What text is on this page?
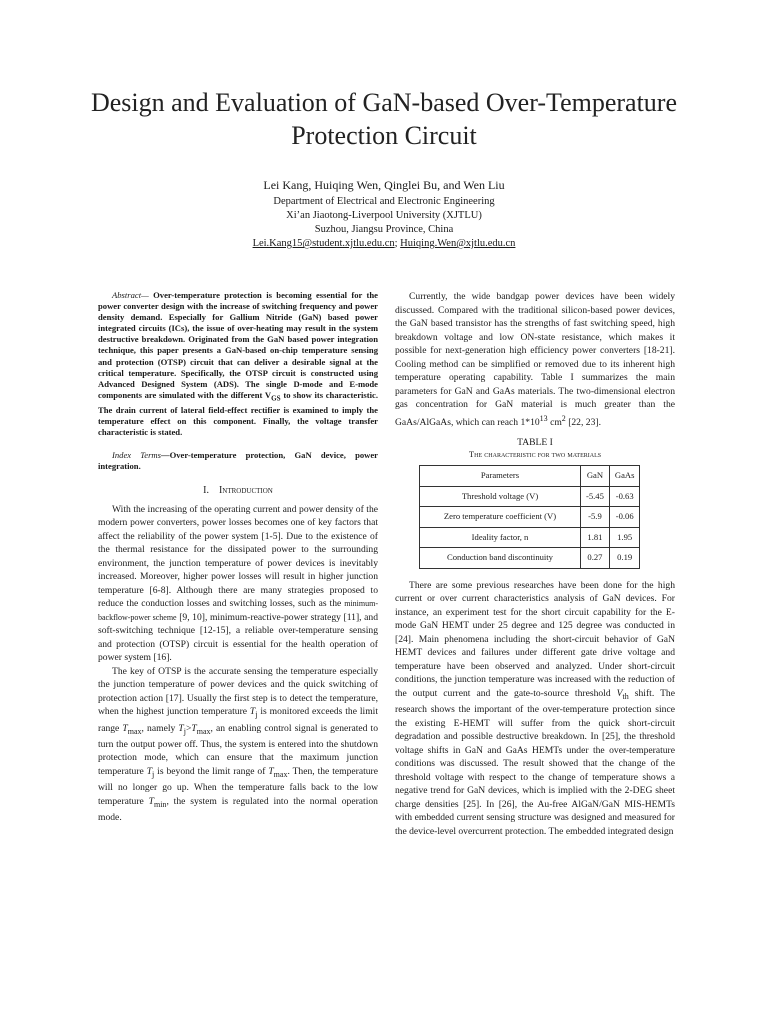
Design and Evaluation of GaN-based Over-Temperature Protection Circuit
Lei Kang, Huiqing Wen, Qinglei Bu, and Wen Liu
Department of Electrical and Electronic Engineering
Xi’an Jiaotong-Liverpool University (XJTLU)
Suzhou, Jiangsu Province, China
Lei.Kang15@student.xjtlu.edu.cn; Huiqing.Wen@xjtlu.edu.cn

Abstract— Over-temperature protection is becoming essential for the power converter design with the increase of switching frequency and power density demand. Especially for Gallium Nitride (GaN) based power integrated circuits (ICs), the issue of over-heating may result in the system destructive breakdown. Originated from the GaN based power integration technique, this paper presents a GaN-based on-chip temperature sensing and protection (OTSP) circuit that can deliver a desirable signal at the critical temperature. Specifically, the OTSP circuit is constructed using Advanced Designed System (ADS). The single D-mode and E-mode components are simulated with the different $V_{GS}$ to show its characteristic. The drain current of lateral field-effect rectifier is examined to imply the temperature effect on this component. Finally, the voltage transfer characteristic is stated.

Index Terms—Over-temperature protection, GaN device, power integration.

I. Introduction

With the increasing of the operating current and power density of the modern power converters, power losses becomes one of key factors that affect the reliability of the power system [1-5]. Due to the existence of the thermal resistance for the dissipated power to the surrounding environment, the junction temperature of power devices is inevitably increased. Moreover, higher power losses will result in higher junction temperature [6-8]. Although there are many strategies proposed to reduce the conduction losses and switching losses, such as the minimum-backflow-power scheme [9, 10], minimum-reactive-power strategy [11], and soft-switching technique [12-15], a reliable over-temperature sensing and protection (OTSP) circuit is essential for the health operation of power system [16].

The key of OTSP is the accurate sensing the temperature especially the junction temperature of power devices and the quick switching of protection action [17]. Usually the first step is to detect the temperature, when the highest junction temperature $T_j$ is monitored exceeds the limit range $T_{max}$, namely $T_j>T_{max}$, an enabling control signal is generated to turn the output power off. Thus, the system is entered into the shutdown protection mode, which can ensure that the maximum junction temperature $T_j$ is beyond the limit range of $T_{max}$. Then, the temperature will no longer go up. When the temperature falls back to the low temperature $T_{min}$, the system is regulated into the normal operation mode.

Currently, the wide bandgap power devices have been widely discussed. Compared with the traditional silicon-based power devices, the GaN based transistor has the strengths of fast switching speed, high breakdown voltage and low ON-state resistance, which makes it possible for next-generation high efficiency power converters [18-21]. Cooling method can be simplified or removed due to its inherent high temperature operating capability. Table I summarizes the main parameters for GaN and GaAs materials. The two-dimensional electron gas concentration for GaN material is much greater than the GaAs/AlGaAs, which can reach $1*10^{13}$ $cm^2$ [22, 23].

TABLE I

The characteristic for two materials

Parameters	GaN	GaAs
Threshold voltage (V)	-5.45	-0.63
Zero temperature coefficient (V)	-5.9	-0.06
Ideality factor, n	1.81	1.95
Conduction band discontinuity	0.27	0.19

There are some previous researches have been done for the high current or over current characteristics analysis of GaN devices. For instance, an experiment test for the short circuit capability for the E-mode GaN HEMT under 25 degree and 125 degree was conducted in [24]. Main phenomena including the short-circuit behavior of GaN HEMT devices and failures under different gate drive voltage and temperature have been observed and analyzed. Under short-circuit conditions, the junction temperature was increased with the reduction of the output current and the gate-to-source threshold $V_{th}$ shift. The research shows the important of the over-temperature protection since the existing E-HEMT will suffer from the quick short-circuit degradation and possible destructive breakdown. In [25], the threshold voltage shifts in GaN and GaAs HEMTs under the over-temperature conditions was discussed. The result showed that the change of the threshold voltage with respect to the change of temperature shows a negative trend for GaN devices, which is implied with the 2-DEG sheet charge densities [25]. In [26], the Au-free AlGaN/GaN MIS-HEMTs with embedded current sensing structure was designed and measured for the device-level overcurrent protection. The embedded integrated design
